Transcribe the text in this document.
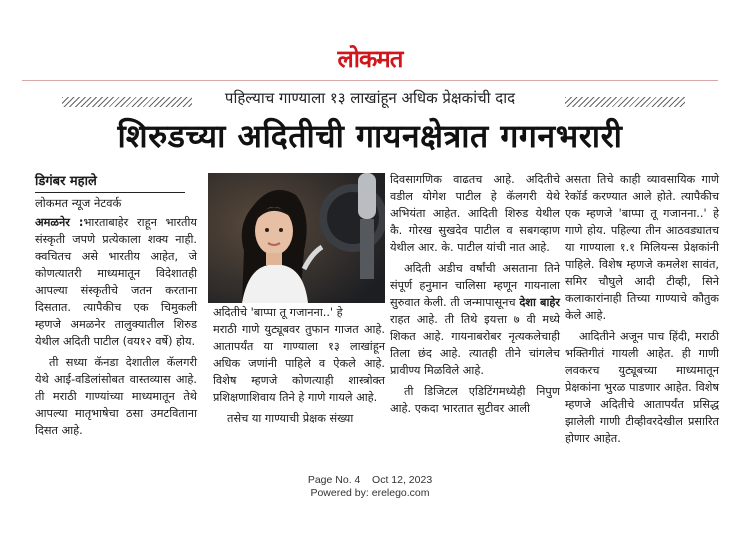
लोकमत
पहिल्याच गाण्याला १३ लाखांहून अधिक प्रेक्षकांची दाद
शिरुडच्या अदितीची गायनक्षेत्रात गगनभरारी
डिगंबर महाले
लोकमत न्यूज नेटवर्क

अमळनेर :भारताबाहेर राहून भारतीय संस्कृती जपणे प्रत्येकाला शक्य नाही. क्वचितच असे भारतीय आहेत, जे कोणत्यातरी माध्यमातून विदेशातही आपल्या संस्कृतीचे जतन करताना दिसतात. त्यापैकीच एक चिमुकली म्हणजे अमळनेर तालुक्यातील शिरुड येथील अदिती पाटील (वय१२ वर्षे) होय.

ती सध्या कॅनडा देशातील कॅलगरी येथे आई-वडिलांसोबत वास्तव्यास आहे. ती मराठी गाण्यांच्या माध्यमातून तेथे आपल्या मातृभाषेचा ठसा उमटविताना दिसत आहे.

अदितीचे 'बाप्पा तू गजानना..' हे

मराठी गाणे युट्यूबवर तुफान गाजत आहे. आतापर्यंत या गाण्याला १३ लाखांहून अधिक जणांनी पाहिले व ऐकले आहे. विशेष म्हणजे कोणत्याही शास्त्रोक्त प्रशिक्षणाशिवाय तिने हे गाणे गायले आहे.

तसेच या गाण्याची प्रेक्षक संख्या

दिवसागणिक वाढतच आहे. अदितीचे वडील योगेश पाटील हे कॅलगरी येथे अभियंता आहेत. आदिती शिरुड येथील कै. गोरख सुखदेव पाटील व सबगव्हाण येथील आर. के. पाटील यांची नात आहे.

अदिती अडीच वर्षांची असताना तिने संपूर्ण हनुमान चालिसा म्हणून गायनाला सुरुवात केली. ती जन्मापासूनच देशा बाहेर राहत आहे. ती तिथे इयत्ता ७ वी मध्ये शिकत आहे. गायनाबरोबर नृत्यकलेचाही तिला छंद आहे. त्यातही तीने चांगलेच प्रावीण्य मिळविले आहे.

ती डिजिटल एडिटिंगमध्येही निपुण आहे. एकदा भारतात सुटीवर आली

असता तिचे काही व्यावसायिक गाणे रेकॉर्ड करण्यात आले होते. त्यापैकीच एक म्हणजे 'बाप्पा तू गजानना..' हे गाणे होय. पहिल्या तीन आठवड्यातच या गाण्याला १.१ मिलियन्स प्रेक्षकांनी पाहिले. विशेष म्हणजे कमलेश सावंत, समिर चौघुले आदी टीव्ही, सिने कलाकारांनाही तिच्या गाण्याचे कौतुक केले आहे.

आदितीने अजून पाच हिंदी, मराठी भक्तिगीतं गायली आहेत. ही गाणी लवकरच युट्यूबच्या माध्यमातून प्रेक्षकांना भुरळ पाडणार आहेत. विशेष म्हणजे अदितीचे आतापर्यंत प्रसिद्ध झालेली गाणी टीव्हीवरदेखील प्रसारित होणार आहेत.

Page No. 4    Oct 12, 2023
Powered by: erelego.com
